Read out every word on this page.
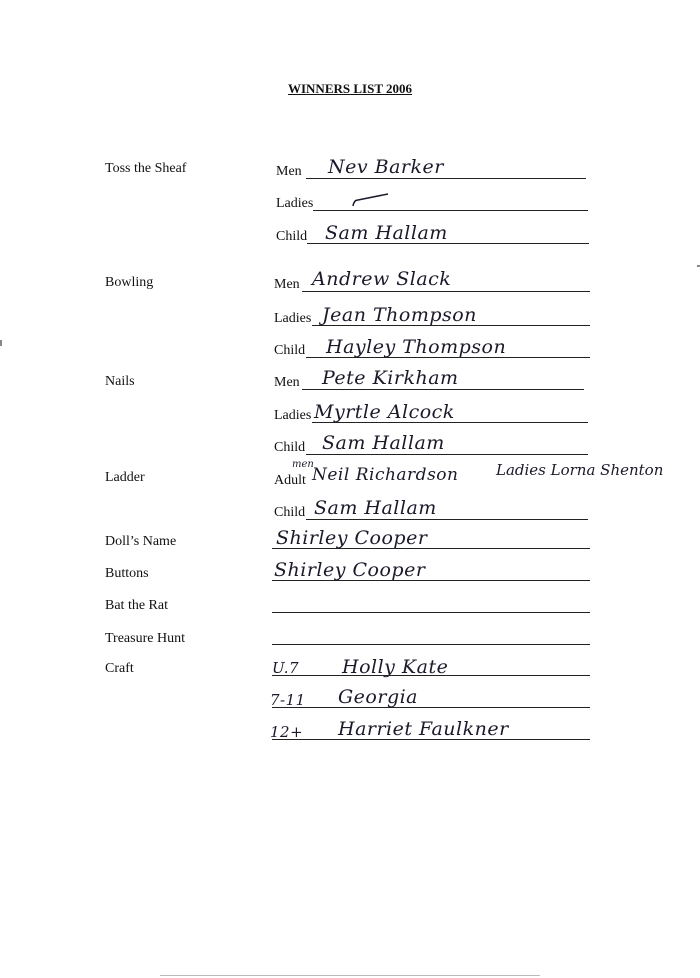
WINNERS LIST 2006
Toss the Sheaf
Bowling
Nails
Ladder
Doll’s Name
Buttons
Bat the Rat
Treasure Hunt
Craft
Men Nev Barker
Ladies
Child Sam Hallam
Men Andrew Slack
Ladies Jean Thompson
Child Hayley Thompson
Men Pete Kirkham
Ladies Myrtle Alcock
Child Sam Hallam
Adult
men
Neil Richardson	Ladies Lorna Shenton
Child Sam Hallam
Shirley Cooper
Shirley Cooper
U.7 Holly Kate
7-11 Georgia
12+ Harriet Faulkner
